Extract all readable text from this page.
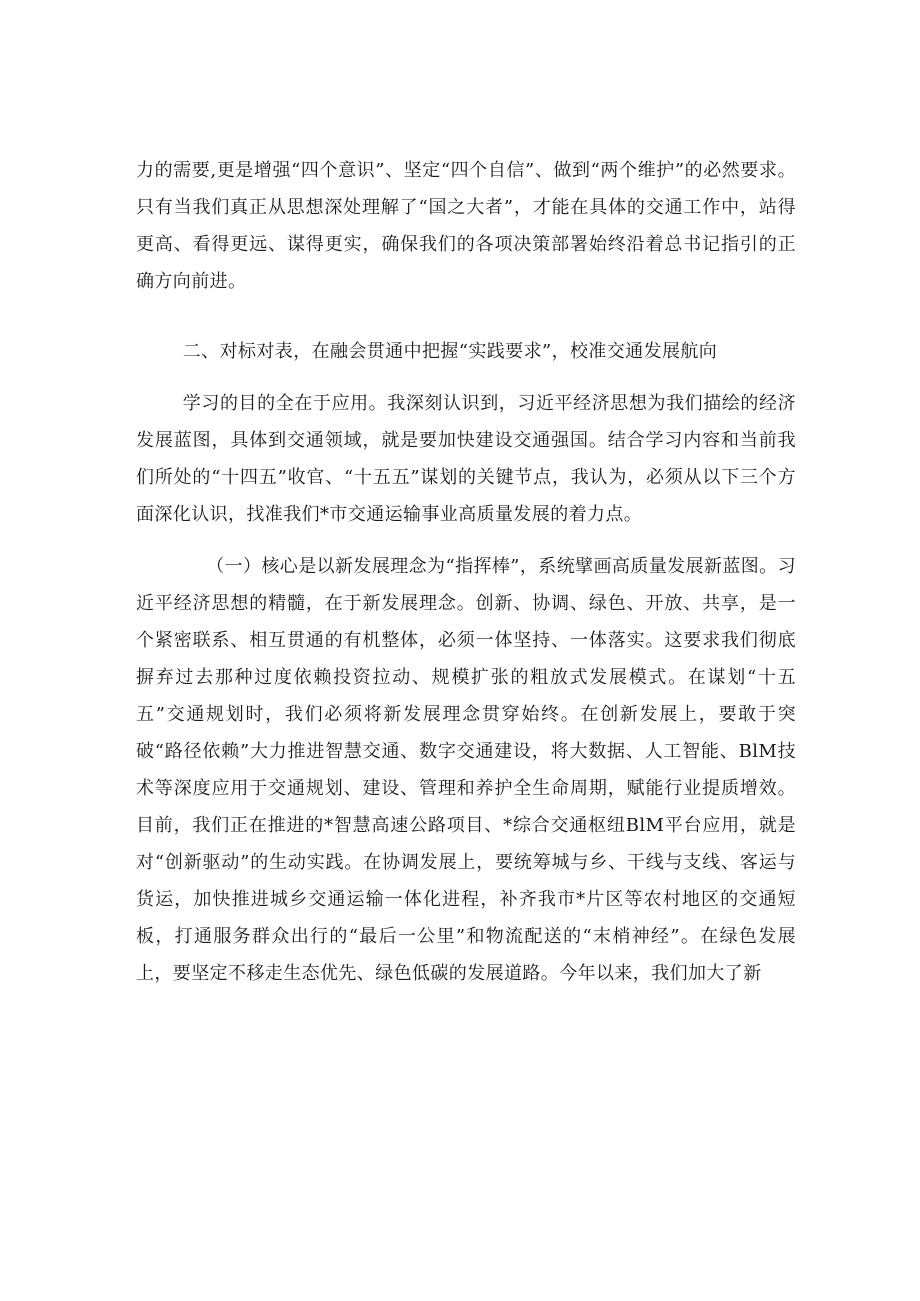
力的需要,更是增强“四个意识”、坚定“四个自信”、做到“两个维护”的必然要求。只有当我们真正从思想深处理解了“国之大者”，才能在具体的交通工作中，站得更高、看得更远、谋得更实，确保我们的各项决策部署始终沿着总书记指引的正确方向前进。

二、对标对表，在融会贯通中把握“实践要求”，校准交通发展航向

学习的目的全在于应用。我深刻认识到，习近平经济思想为我们描绘的经济发展蓝图，具体到交通领域，就是要加快建设交通强国。结合学习内容和当前我们所处的“十四五”收官、“十五五”谋划的关键节点，我认为，必须从以下三个方面深化认识，找准我们*市交通运输事业高质量发展的着力点。

（一）核心是以新发展理念为“指挥棒”，系统擘画高质量发展新蓝图。习近平经济思想的精髓，在于新发展理念。创新、协调、绿色、开放、共享，是一个紧密联系、相互贯通的有机整体，必须一体坚持、一体落实。这要求我们彻底摒弃过去那种过度依赖投资拉动、规模扩张的粗放式发展模式。在谋划“十五五”交通规划时，我们必须将新发展理念贯穿始终。在创新发展上，要敢于突破“路径依赖”大力推进智慧交通、数字交通建设，将大数据、人工智能、BlM技术等深度应用于交通规划、建设、管理和养护全生命周期，赋能行业提质增效。目前，我们正在推进的*智慧高速公路项目、*综合交通枢纽BlM平台应用，就是对“创新驱动”的生动实践。在协调发展上，要统筹城与乡、干线与支线、客运与货运，加快推进城乡交通运输一体化进程，补齐我市*片区等农村地区的交通短板，打通服务群众出行的“最后一公里”和物流配送的“末梢神经”。在绿色发展上，要坚定不移走生态优先、绿色低碳的发展道路。今年以来，我们加大了新
